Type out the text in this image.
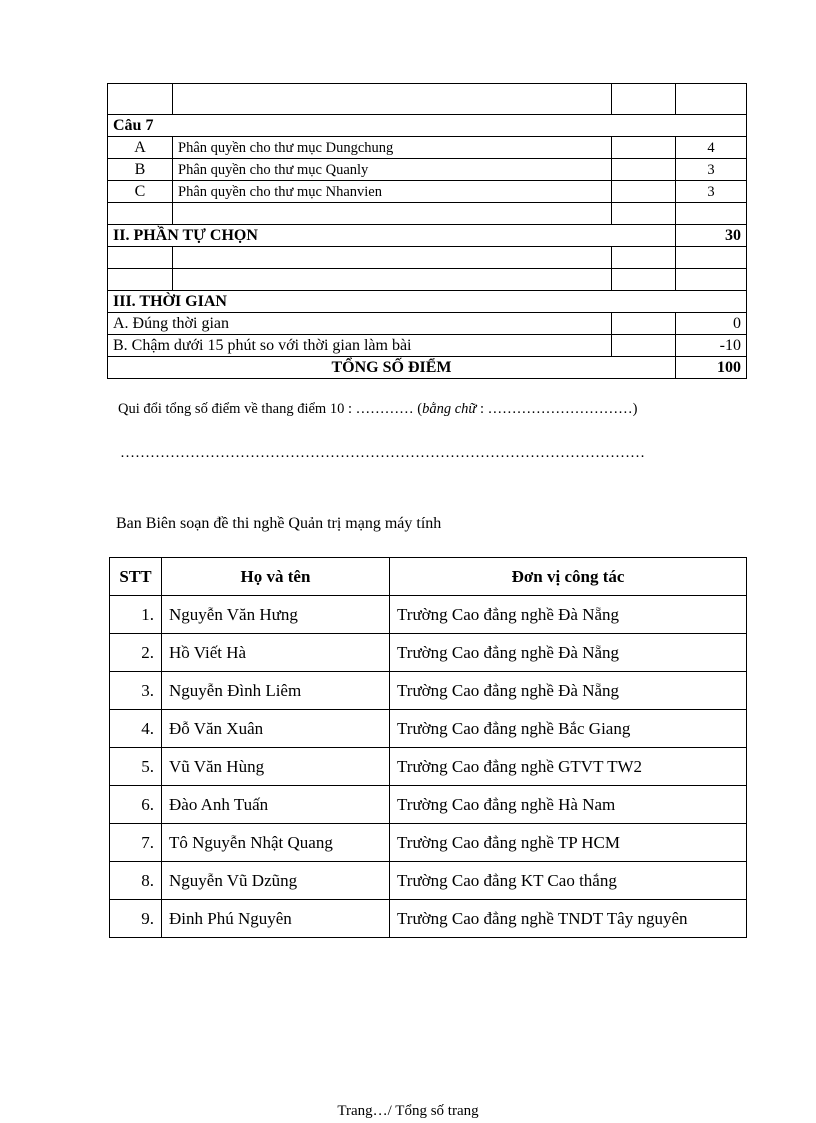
Câu 7			
A	Phân quyền cho thư mục Dungchung		4
B	Phân quyền cho thư mục Quanly		3
C	Phân quyền cho thư mục Nhanvien		3

II. PHẦN TỰ CHỌN			30

III. THỜI GIAN			
A. Đúng thời gian			0
B. Chậm dưới 15 phút so với thời gian làm bài			-10
TỔNG SỐ ĐIỂM			100
Qui đổi tổng số điểm về thang điểm 10 : ………… (bằng chữ : …………………………)
……………………………………………………………………………………………
Ban Biên soạn đề thi nghề Quản trị mạng máy tính
STT	Họ và tên	Đơn vị công tác
1.	Nguyễn Văn Hưng	Trường Cao đẳng nghề Đà Nẵng
2.	Hồ Viết Hà	Trường Cao đẳng nghề Đà Nẵng
3.	Nguyễn Đình Liêm	Trường Cao đẳng nghề Đà Nẵng
4.	Đỗ Văn Xuân	Trường Cao đẳng nghề Bắc Giang
5.	Vũ Văn Hùng	Trường Cao đẳng nghề GTVT TW2
6.	Đào Anh Tuấn	Trường Cao đẳng nghề Hà Nam
7.	Tô Nguyễn Nhật Quang	Trường Cao đẳng nghề TP HCM
8.	Nguyễn Vũ Dzũng	Trường Cao đẳng KT Cao thắng
9.	Đinh Phú Nguyên	Trường Cao đẳng nghề TNDT Tây nguyên
Trang…/ Tổng số trang
